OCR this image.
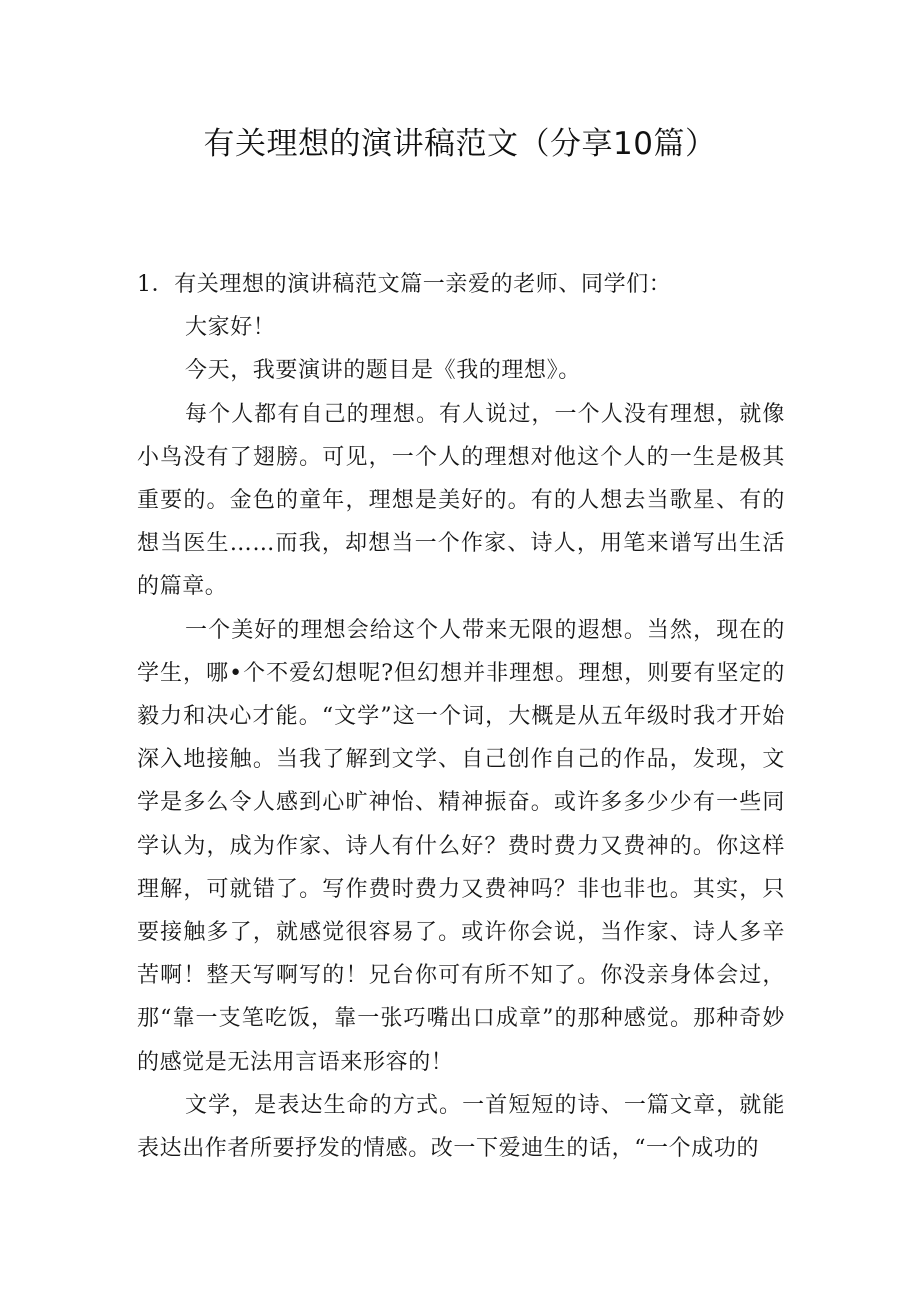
有关理想的演讲稿范文（分享10篇）

1．有关理想的演讲稿范文篇一亲爱的老师、同学们：

大家好！

今天，我要演讲的题目是《我的理想》。

每个人都有自己的理想。有人说过，一个人没有理想，就像小鸟没有了翅膀。可见，一个人的理想对他这个人的一生是极其重要的。金色的童年，理想是美好的。有的人想去当歌星、有的想当医生……而我，却想当一个作家、诗人，用笔来谱写出生活的篇章。

一个美好的理想会给这个人带来无限的遐想。当然，现在的学生，哪•个不爱幻想呢?但幻想并非理想。理想，则要有坚定的毅力和决心才能。“文学”这一个词，大概是从五年级时我才开始深入地接触。当我了解到文学、自己创作自己的作品，发现，文学是多么令人感到心旷神怡、精神振奋。或许多多少少有一些同学认为，成为作家、诗人有什么好？费时费力又费神的。你这样理解，可就错了。写作费时费力又费神吗？非也非也。其实，只要接触多了，就感觉很容易了。或许你会说，当作家、诗人多辛苦啊！整天写啊写的！兄台你可有所不知了。你没亲身体会过，那“靠一支笔吃饭，靠一张巧嘴出口成章”的那种感觉。那种奇妙的感觉是无法用言语来形容的！

文学，是表达生命的方式。一首短短的诗、一篇文章，就能表达出作者所要抒发的情感。改一下爱迪生的话，“一个成功的
